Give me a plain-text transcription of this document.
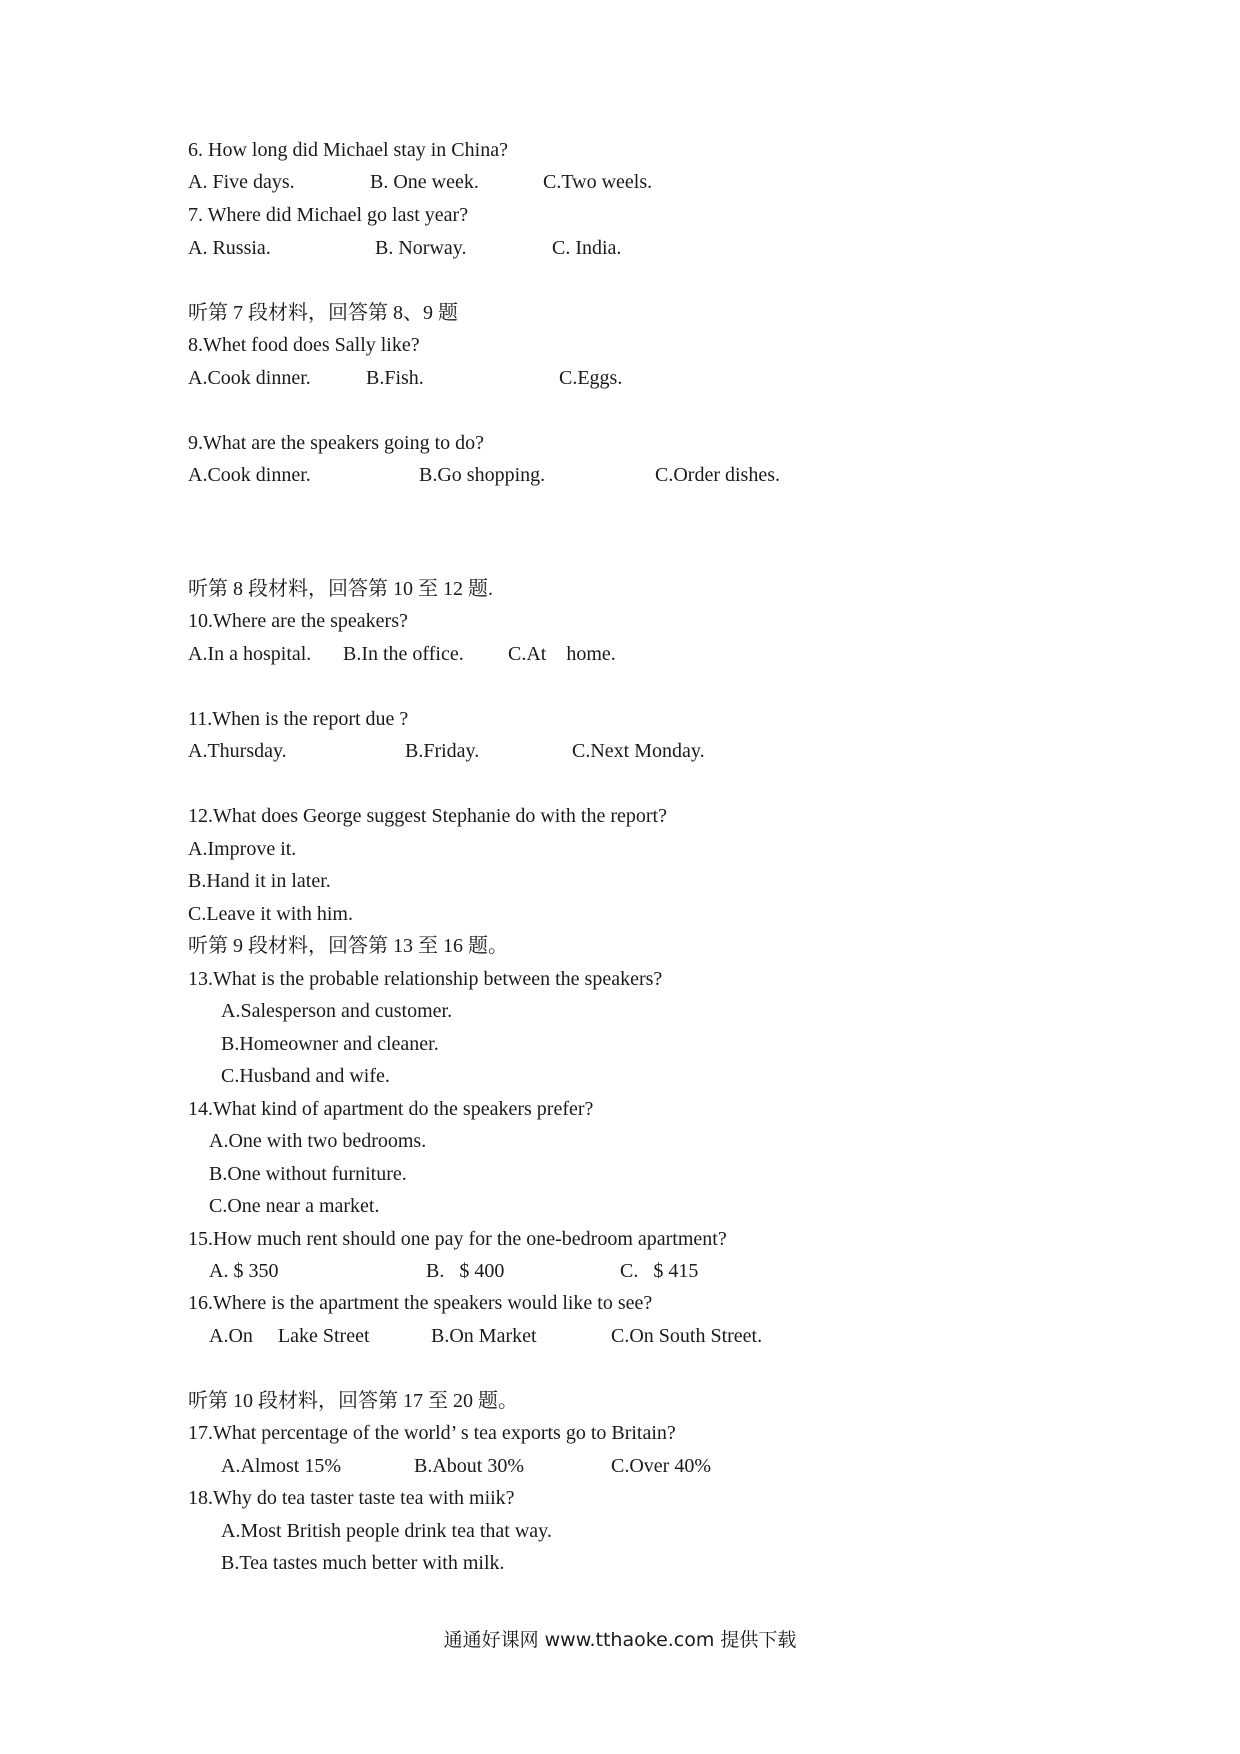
6. How long did Michael stay in China?
A. Five days.	B. One week.	C.Two weels.
7. Where did Michael go last year?
A. Russia.	B. Norway.	C. India.
听第 7 段材料，回答第 8、9 题
8.Whet food does Sally like?
A.Cook dinner.	B.Fish.	C.Eggs.
9.What are the speakers going to do?
A.Cook dinner.	B.Go shopping.	C.Order dishes.
听第 8 段材料，回答第 10 至 12 题.
10.Where are the speakers?
A.In a hospital. B.In the office. C.At    home.
11.When is the report due ?
A.Thursday.	B.Friday.	C.Next Monday.
12.What does George suggest Stephanie do with the report?
A.Improve it.
B.Hand it in later.
C.Leave it with him.
听第 9 段材料，回答第 13 至 16 题。
13.What is the probable relationship between the speakers?
A.Salesperson and customer.
B.Homeowner and cleaner.
C.Husband and wife.
14.What kind of apartment do the speakers prefer?
A.One with two bedrooms.
B.One without furniture.
C.One near a market.
15.How much rent should one pay for the one-bedroom apartment?
A. $ 350	B.   $ 400	C.   $ 415
16.Where is the apartment the speakers would like to see?
A.On     Lake Street	B.On Market	C.On South Street.
听第 10 段材料，回答第 17 至 20 题。
17.What percentage of the world’ s tea exports go to Britain?
A.Almost 15%	B.About 30%	C.Over 40%
18.Why do tea taster taste tea with miik?
A.Most British people drink tea that way.
B.Tea tastes much better with milk.
通通好课网 www.tthaoke.com 提供下载
